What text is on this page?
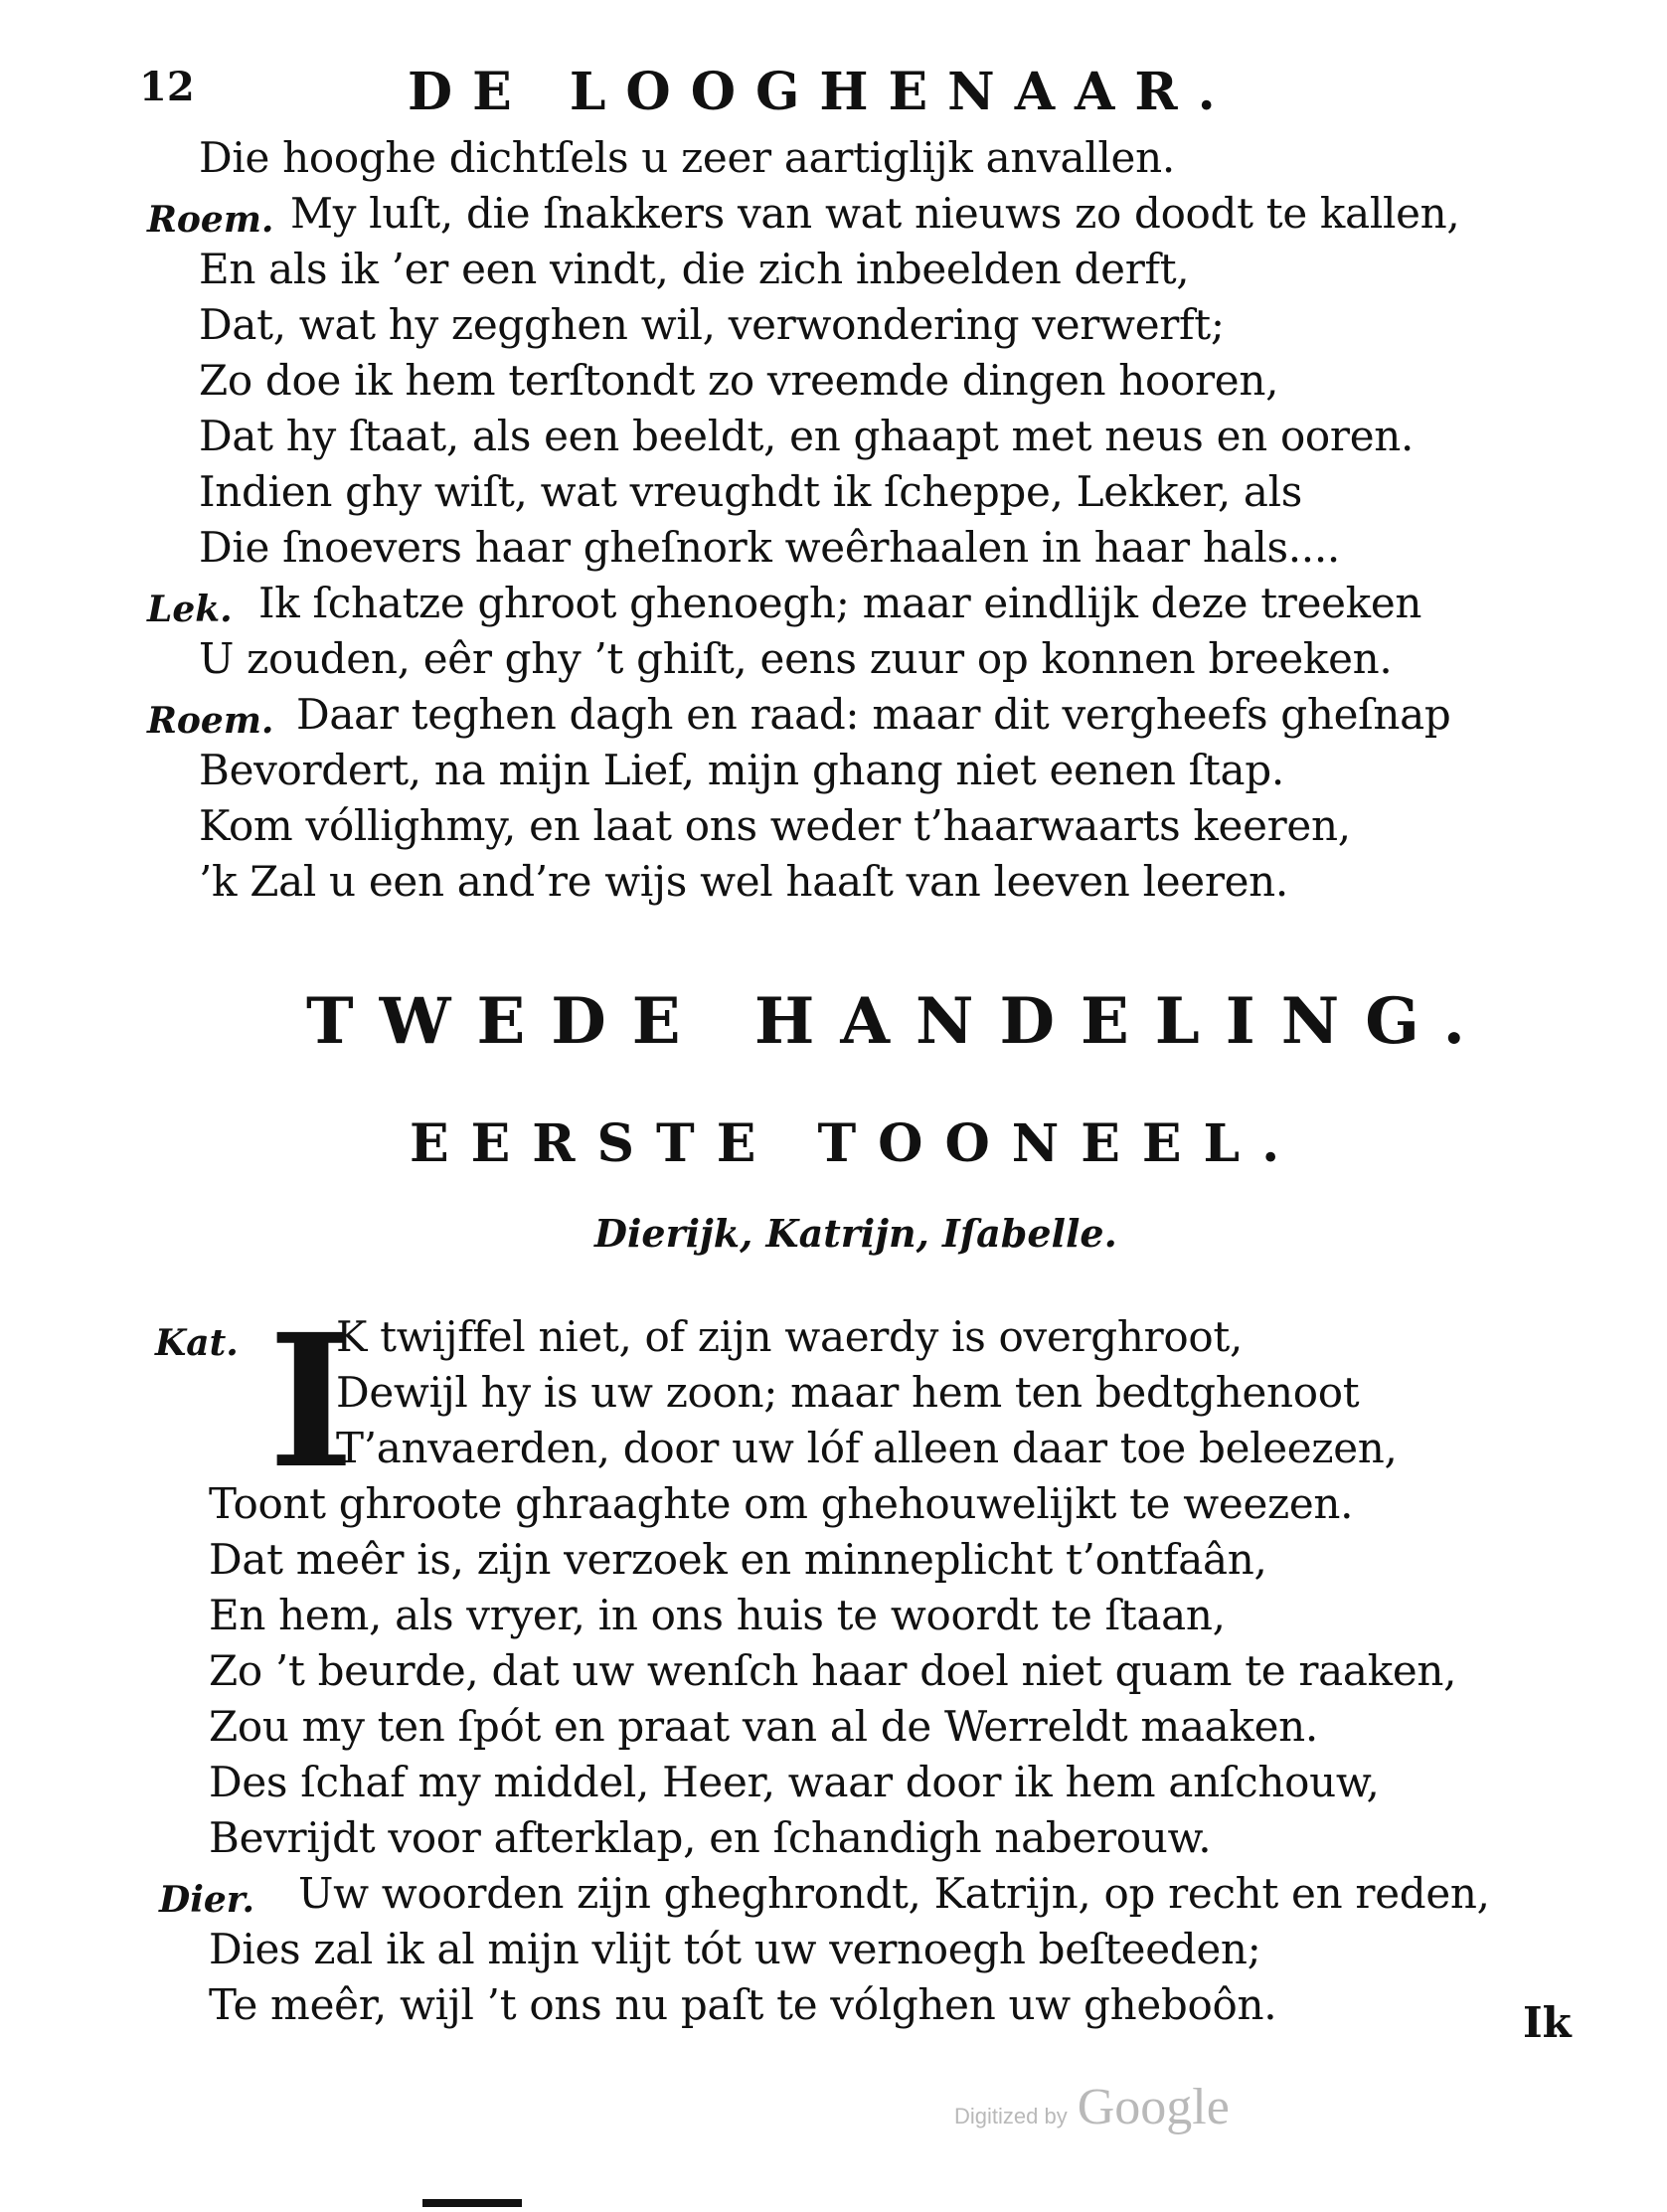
12	DE LOOGHENAAR.
Die hooghe dichtſels u zeer aartiglijk anvallen.
Roem. My luſt, die ſnakkers van wat nieuws zo doodt te kallen,
En als ik ’er een vindt, die zich inbeelden derft,
Dat, wat hy zegghen wil, verwondering verwerft;
Zo doe ik hem terſtondt zo vreemde dingen hooren,
Dat hy ſtaat, als een beeldt, en ghaapt met neus en ooren.
Indien ghy wiſt, wat vreughdt ik ſcheppe, Lekker, als
Die ſnoevers haar gheſnork weêrhaalen in haar hals....
Lek. Ik ſchatze ghroot ghenoegh; maar eindlijk deze treeken
U zouden, eêr ghy ’t ghiſt, eens zuur op konnen breeken.
Roem. Daar teghen dagh en raad: maar dit vergheefs gheſnap
Bevordert, na mijn Lief, mijn ghang niet eenen ſtap.
Kom vóllighmy, en laat ons weder t’haarwaarts keeren,
’k Zal u een and’re wijs wel haaſt van leeven leeren.
TWEDE HANDELING.
EERSTE TOONEEL.
Dierijk, Katrijn, Iſabelle.
Kat. I
K twijffel niet, of zijn waerdy is overghroot,
Dewijl hy is uw zoon; maar hem ten bedtghenoot
T’anvaerden, door uw lóf alleen daar toe beleezen,
Toont ghroote ghraaghte om ghehouwelijkt te weezen.
Dat meêr is, zijn verzoek en minneplicht t’ontfaân,
En hem, als vryer, in ons huis te woordt te ſtaan,
Zo ’t beurde, dat uw wenſch haar doel niet quam te raaken,
Zou my ten ſpót en praat van al de Werreldt maaken.
Des ſchaf my middel, Heer, waar door ik hem anſchouw,
Bevrijdt voor afterklap, en ſchandigh naberouw.
Dier. Uw woorden zijn gheghrondt, Katrijn, op recht en reden,
Dies zal ik al mijn vlijt tót uw vernoegh beſteeden;
Te meêr, wijl ’t ons nu paſt te vólghen uw gheboôn.	Ik
Digitized by Google
